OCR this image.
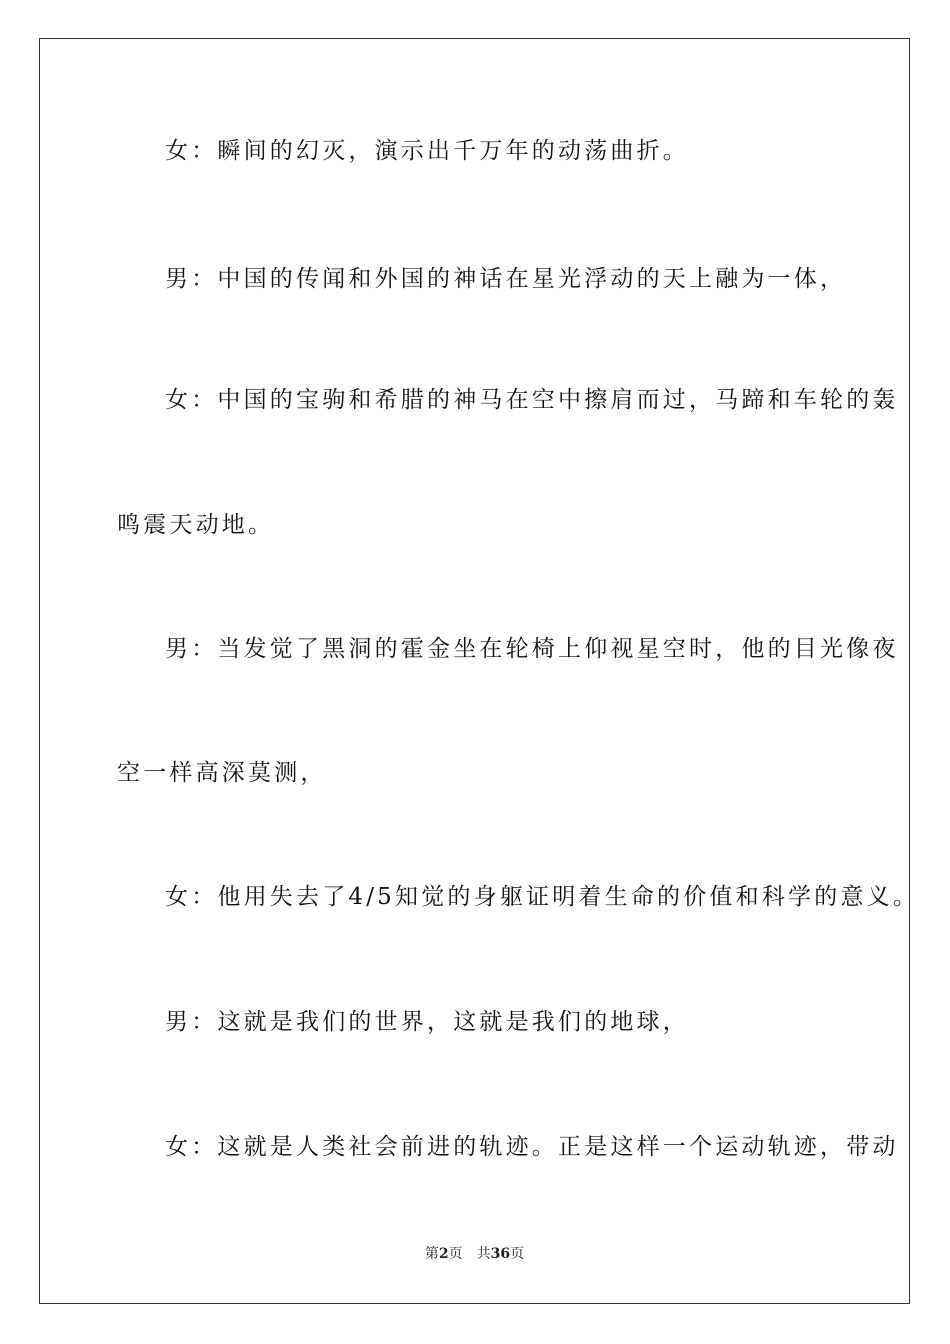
女：瞬间的幻灭，演示出千万年的动荡曲折。
男：中国的传闻和外国的神话在星光浮动的天上融为一体，
女：中国的宝驹和希腊的神马在空中擦肩而过，马蹄和车轮的轰
鸣震天动地。
男：当发觉了黑洞的霍金坐在轮椅上仰视星空时，他的目光像夜
空一样高深莫测，
女：他用失去了4/5知觉的身躯证明着生命的价值和科学的意义。
男：这就是我们的世界，这就是我们的地球，
女：这就是人类社会前进的轨迹。正是这样一个运动轨迹，带动
第2页 共36页
